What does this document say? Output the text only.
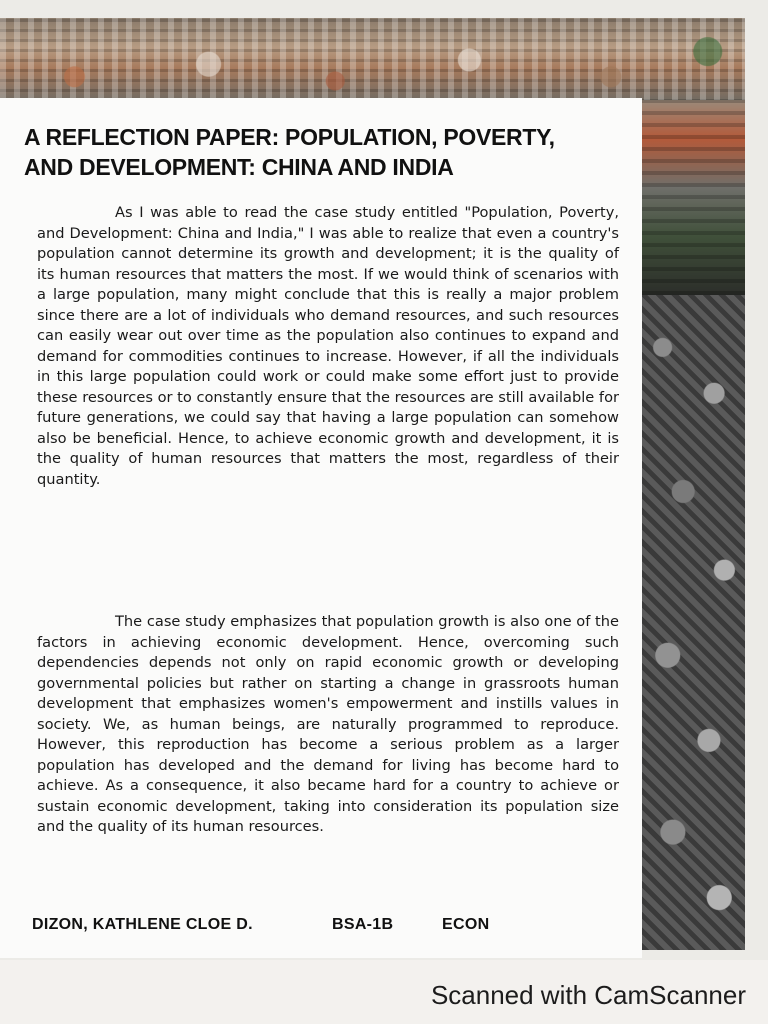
A REFLECTION PAPER: POPULATION, POVERTY,
AND DEVELOPMENT: CHINA AND INDIA

As I was able to read the case study entitled "Population, Poverty, and Development: China and India," I was able to realize that even a country's population cannot determine its growth and development; it is the quality of its human resources that matters the most. If we would think of scenarios with a large population, many might conclude that this is really a major problem since there are a lot of individuals who demand resources, and such resources can easily wear out over time as the population also continues to expand and demand for commodities continues to increase. However, if all the individuals in this large population could work or could make some effort just to provide these resources or to constantly ensure that the resources are still available for future generations, we could say that having a large population can somehow also be beneficial. Hence, to achieve economic growth and development, it is the quality of human resources that matters the most, regardless of their quantity.

The case study emphasizes that population growth is also one of the factors in achieving economic development. Hence, overcoming such dependencies depends not only on rapid economic growth or developing governmental policies but rather on starting a change in grassroots human development that emphasizes women's empowerment and instills values in society. We, as human beings, are naturally programmed to reproduce. However, this reproduction has become a serious problem as a larger population has developed and the demand for living has become hard to achieve. As a consequence, it also became hard for a country to achieve or sustain economic development, taking into consideration its population size and the quality of its human resources.

DIZON, KATHLENE CLOE D.	BSA-1B	ECON
Scanned with CamScanner
